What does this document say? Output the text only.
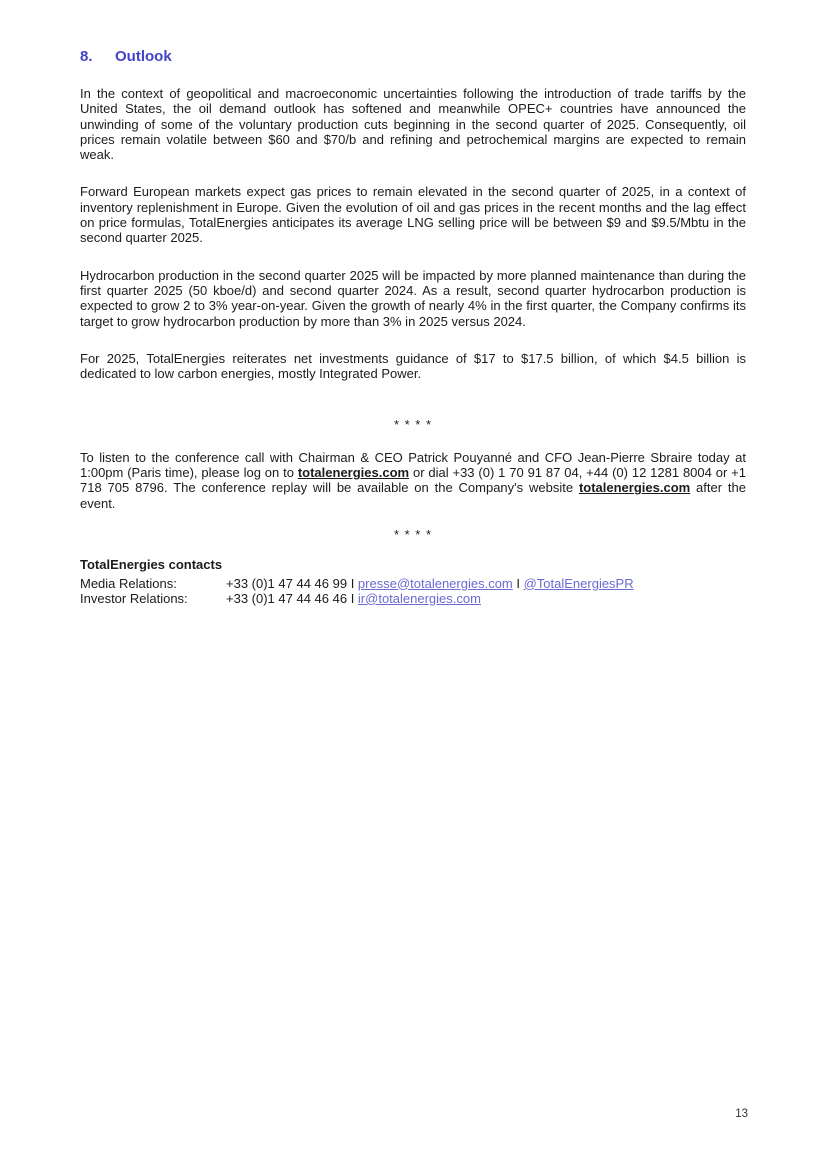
8. Outlook

In the context of geopolitical and macroeconomic uncertainties following the introduction of trade tariffs by the United States, the oil demand outlook has softened and meanwhile OPEC+ countries have announced the unwinding of some of the voluntary production cuts beginning in the second quarter of 2025. Consequently, oil prices remain volatile between $60 and $70/b and refining and petrochemical margins are expected to remain weak.

Forward European markets expect gas prices to remain elevated in the second quarter of 2025, in a context of inventory replenishment in Europe. Given the evolution of oil and gas prices in the recent months and the lag effect on price formulas, TotalEnergies anticipates its average LNG selling price will be between $9 and $9.5/Mbtu in the second quarter 2025.

Hydrocarbon production in the second quarter 2025 will be impacted by more planned maintenance than during the first quarter 2025 (50 kboe/d) and second quarter 2024. As a result, second quarter hydrocarbon production is expected to grow 2 to 3% year-on-year. Given the growth of nearly 4% in the first quarter, the Company confirms its target to grow hydrocarbon production by more than 3% in 2025 versus 2024.

For 2025, TotalEnergies reiterates net investments guidance of $17 to $17.5 billion, of which $4.5 billion is dedicated to low carbon energies, mostly Integrated Power.

* * * *

To listen to the conference call with Chairman & CEO Patrick Pouyanné and CFO Jean-Pierre Sbraire today at 1:00pm (Paris time), please log on to totalenergies.com or dial +33 (0) 1 70 91 87 04, +44 (0) 12 1281 8004 or +1 718 705 8796. The conference replay will be available on the Company's website totalenergies.com after the event.

* * * *
TotalEnergies contacts
Media Relations:	+33 (0)1 47 44 46 99 I presse@totalenergies.com I @TotalEnergiesPR
Investor Relations:	+33 (0)1 47 44 46 46 I ir@totalenergies.com
13
